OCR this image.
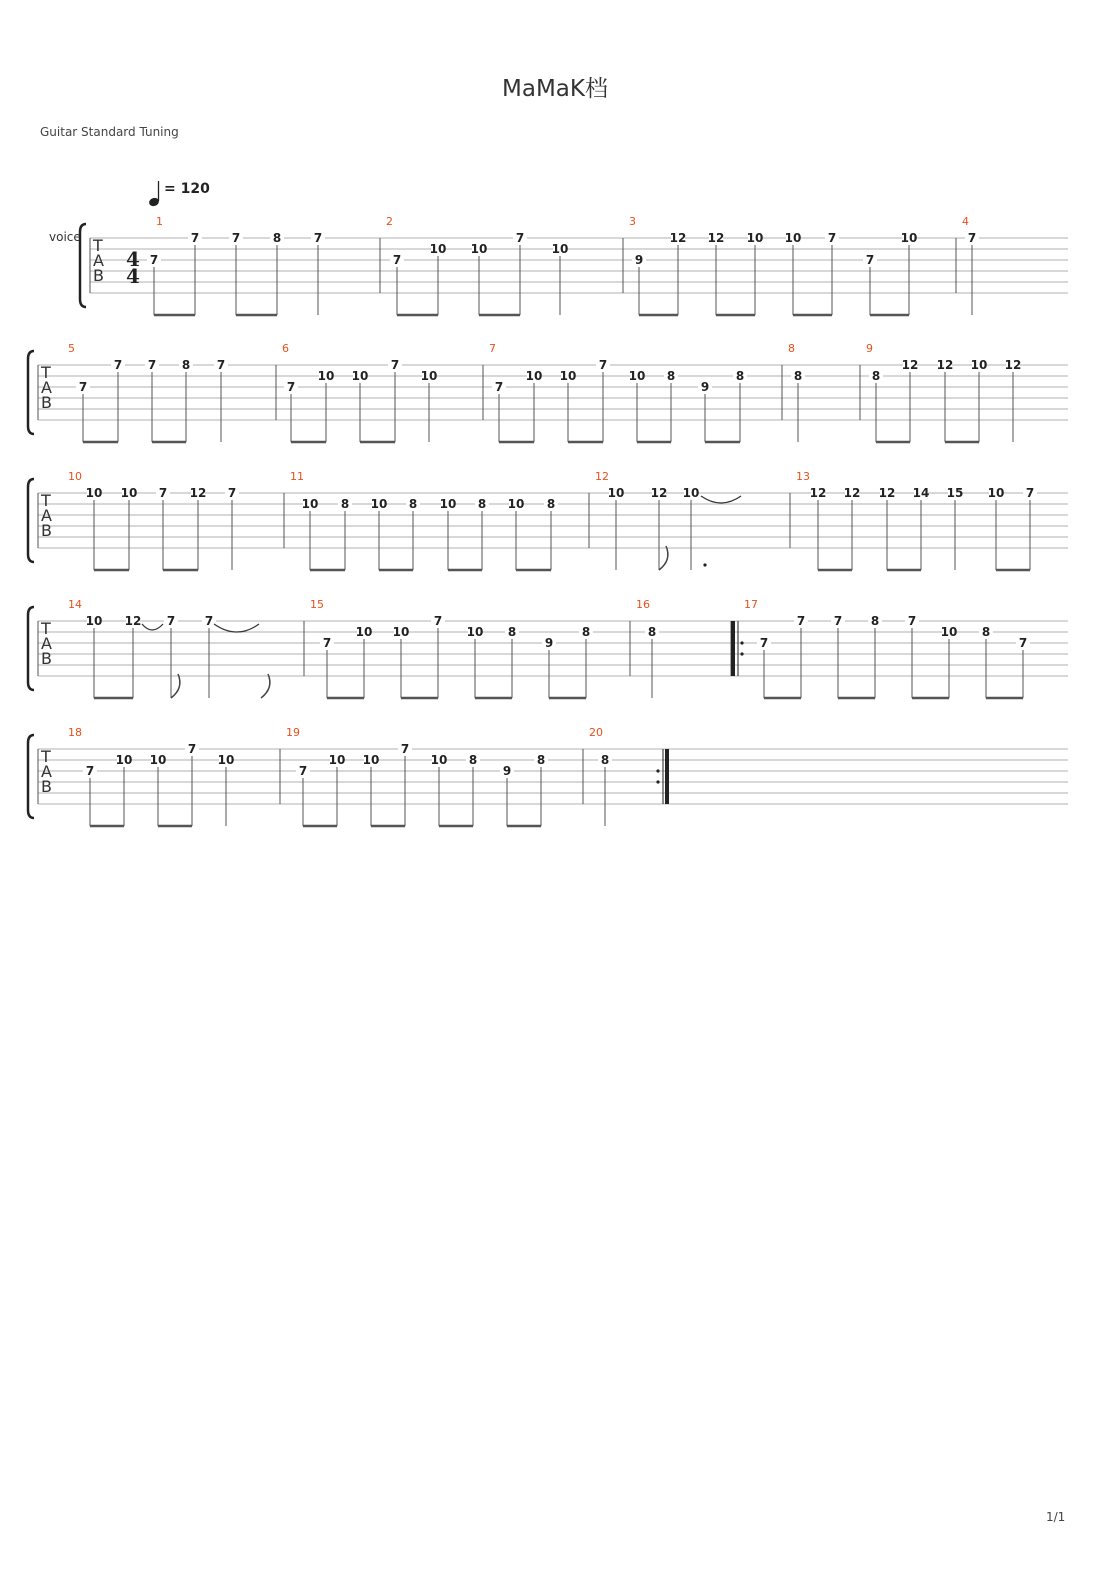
MaMaK档
Guitar Standard Tuning
1/1
= 120
voice T
A
B
4
4
1
7
7	7	8	7
2
7
10 10
7
10
3
9
12 12 10 10 7
7
10
4
7
T
A
B
5
7
7 7 8 7
6
7
10 10
7
10
7
7
10 10
7
10 8
9
8
8
8
9
8
12 12 10 12
T
A
B
10
10 10 7 12 7
11
10 8 10 8 10 8 10 8
12
10 12 10
13
12 12 12 14 15 10 7
T
A
B
14
10 12 7 7
15
7
10 10
7
10 8
9
8
16
8
17
7
7 7 8 7
10 8
7
T
A
B
18
7
10 10
7
10
19
7
10 10
7
10 8
9
8
20
8
